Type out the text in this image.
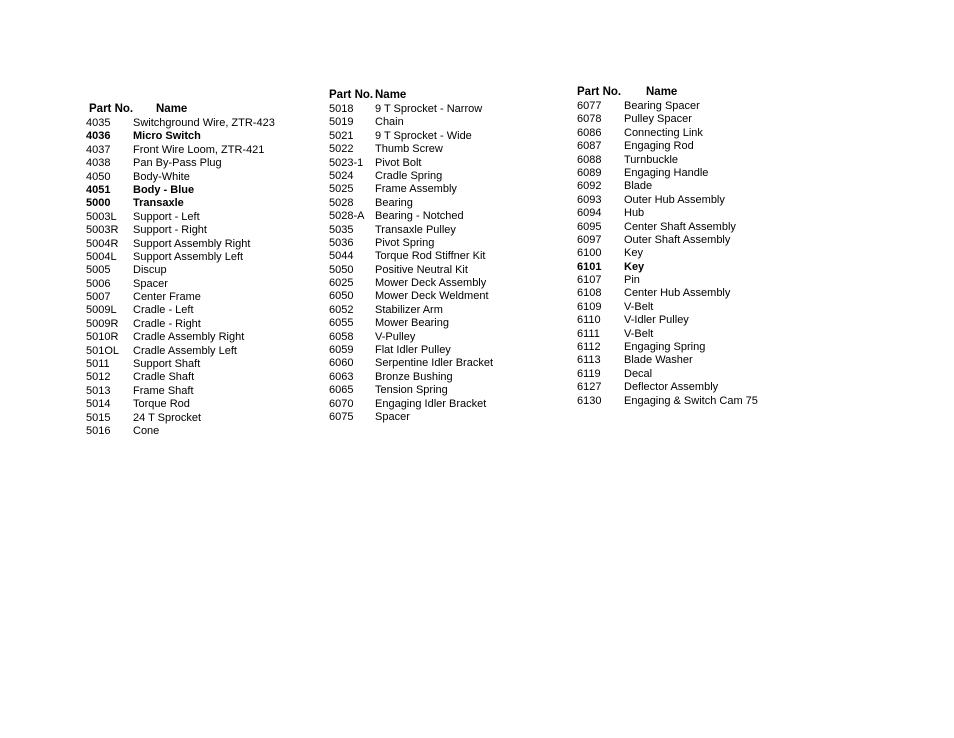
Part No. Name
4035 Switchground Wire, ZTR-423
4036 Micro Switch
4037 Front Wire Loom, ZTR-421
4038 Pan By-Pass Plug
4050 Body-White
4051 Body - Blue
5000 Transaxle
5003L Support - Left
5003R Support - Right
5004R Support Assembly Right
5004L Support Assembly Left
5005 Discup
5006 Spacer
5007 Center Frame
5009L Cradle - Left
5009R Cradle - Right
5010R Cradle Assembly Right
501OL Cradle Assembly Left
5011 Support Shaft
5012 Cradle Shaft
5013 Frame Shaft
5014 Torque Rod
5015 24 T Sprocket
5016 Cone
Part No. Name
5018 9 T Sprocket - Narrow
5019 Chain
5021 9 T Sprocket - Wide
5022 Thumb Screw
5023-1 Pivot Bolt
5024 Cradle Spring
5025 Frame Assembly
5028 Bearing
5028-A Bearing - Notched
5035 Transaxle Pulley
5036 Pivot Spring
5044 Torque Rod Stiffner Kit
5050 Positive Neutral Kit
6025 Mower Deck Assembly
6050 Mower Deck Weldment
6052 Stabilizer Arm
6055 Mower Bearing
6058 V-Pulley
6059 Flat Idler Pulley
6060 Serpentine Idler Bracket
6063 Bronze Bushing
6065 Tension Spring
6070 Engaging Idler Bracket
6075 Spacer
Part No. Name
6077 Bearing Spacer
6078 Pulley Spacer
6086 Connecting Link
6087 Engaging Rod
6088 Turnbuckle
6089 Engaging Handle
6092 Blade
6093 Outer Hub Assembly
6094 Hub
6095 Center Shaft Assembly
6097 Outer Shaft Assembly
6100 Key
6101 Key
6107 Pin
6108 Center Hub Assembly
6109 V-Belt
6110 V-Idler Pulley
6111 V-Belt
6112 Engaging Spring
6113 Blade Washer
6119 Decal
6127 Deflector Assembly
6130 Engaging & Switch Cam 75
